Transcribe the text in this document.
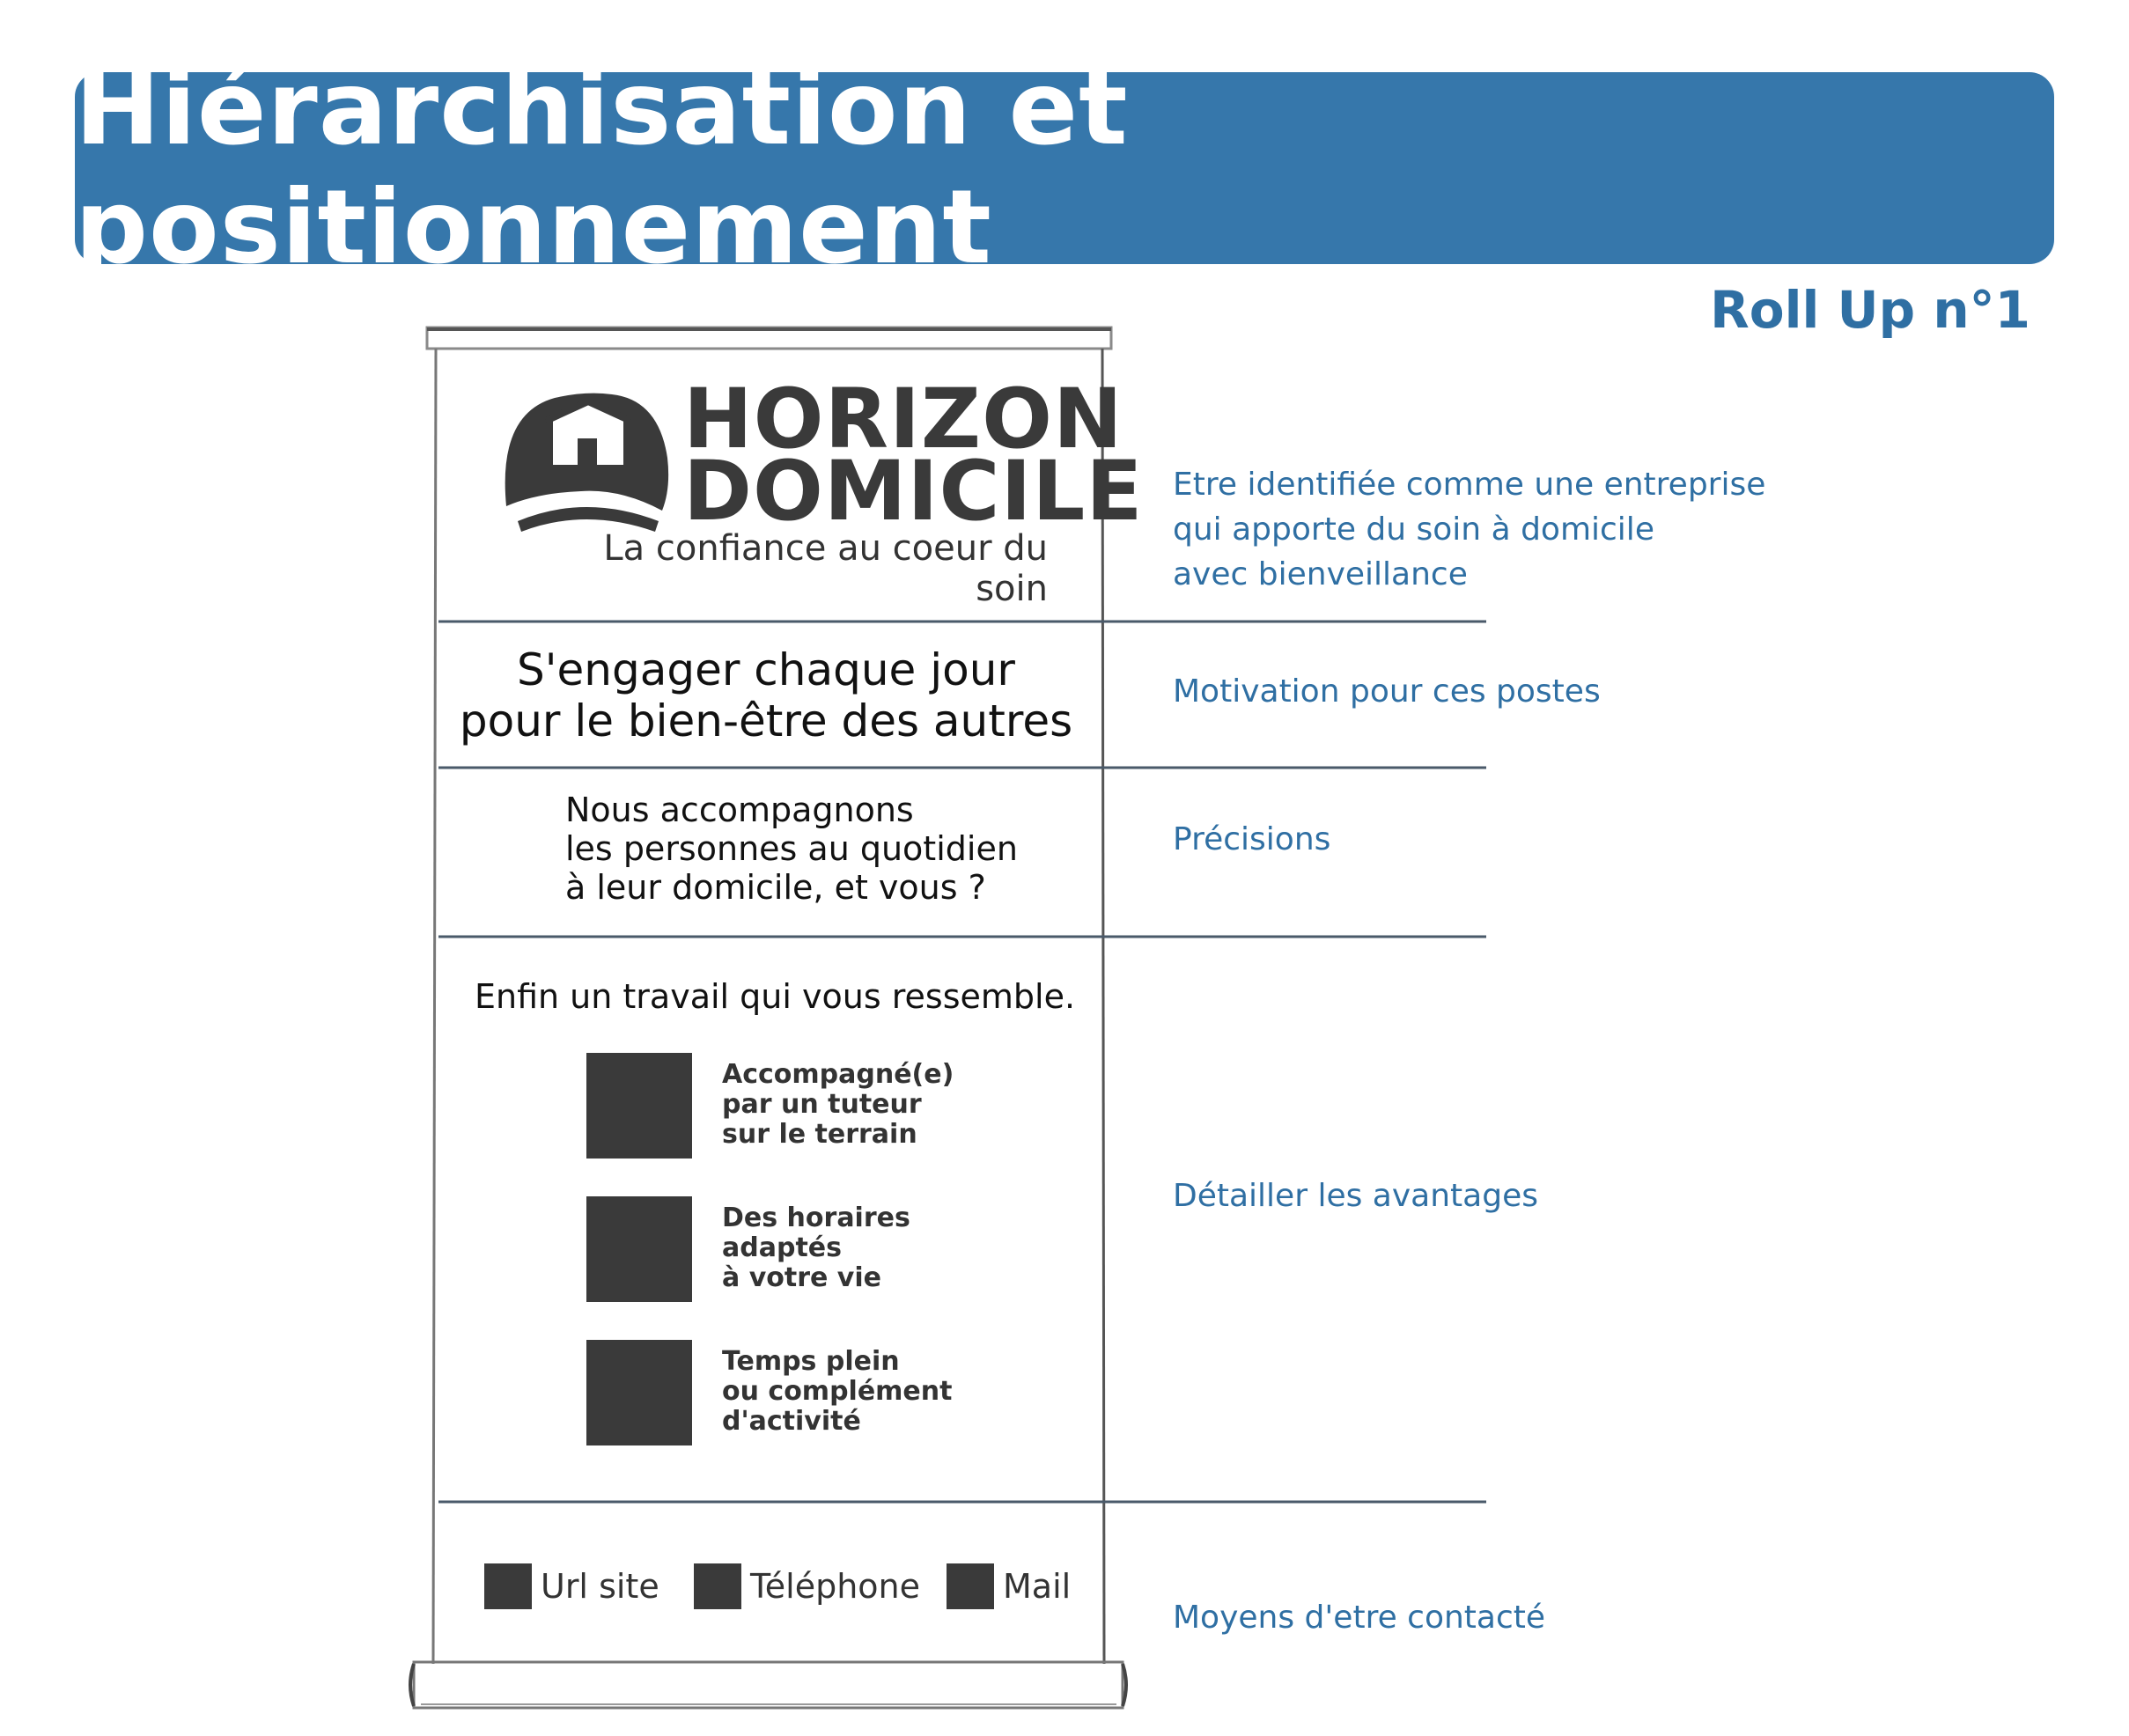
Hiérarchisation et positionnement
Roll Up n°1
HORIZON
DOMICILE
La confiance au coeur du soin
S'engager chaque jour
pour le bien-être des autres
Nous accompagnons
les personnes au quotidien
à leur domicile, et vous ?
Enfin un travail qui vous ressemble.
Accompagné(e)
par un tuteur
sur le terrain
Des horaires
adaptés
à votre vie
Temps plein
ou complément
d'activité
Url site	Téléphone Mail
Etre identifiée comme une entreprise
qui apporte du soin à domicile
avec bienveillance
Motivation pour ces postes
Précisions
Détailler les avantages
Moyens d'etre contacté
